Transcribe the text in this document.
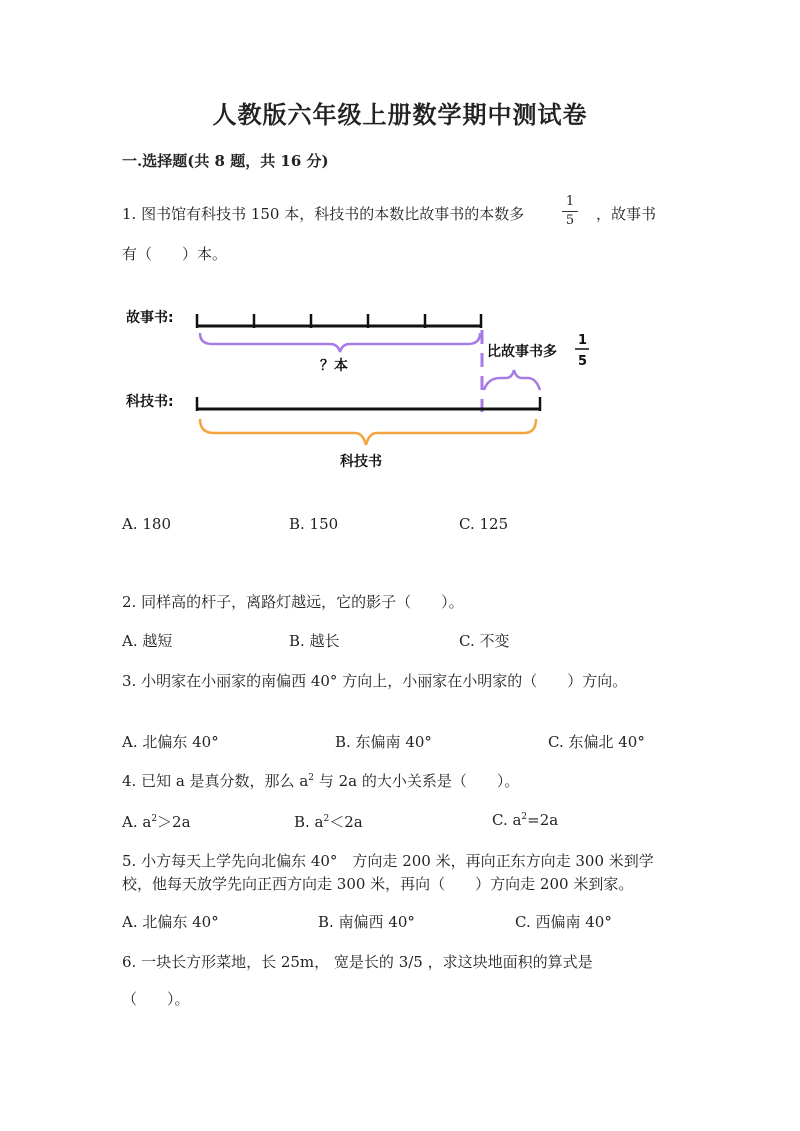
人教版六年级上册数学期中测试卷
一.选择题(共 8 题，共 16 分)
1. 图书馆有科技书 150 本，科技书的本数比故事书的本数多
1
5 ，故事书
有（　　）本。
故事书:
？本
比故事书多
1
5
科技书:
科技书
A. 180	B. 150	C. 125
2. 同样高的杆子，离路灯越远，它的影子（　　）。
A. 越短	B. 越长	C. 不变
3. 小明家在小丽家的南偏西 40° 方向上，小丽家在小明家的（　　）方向。
A. 北偏东 40°	B. 东偏南 40°	C. 东偏北 40°
4. 已知 a 是真分数，那么 $a^2$ 与 2a 的大小关系是（　　）。
A. $a^2>2a$	B. $a^2<2a$	C. $a^2=2a$
5. 小方每天上学先向北偏东 40°　方向走 200 米，再向正东方向走 300 米到学
校，他每天放学先向正西方向走 300 米，再向（　　）方向走 200 米到家。
A. 北偏东 40°	B. 南偏西 40°	C. 西偏南 40°
6. 一块长方形菜地，长 25m， 宽是长的 3/5 ，求这块地面积的算式是
（　　）。
